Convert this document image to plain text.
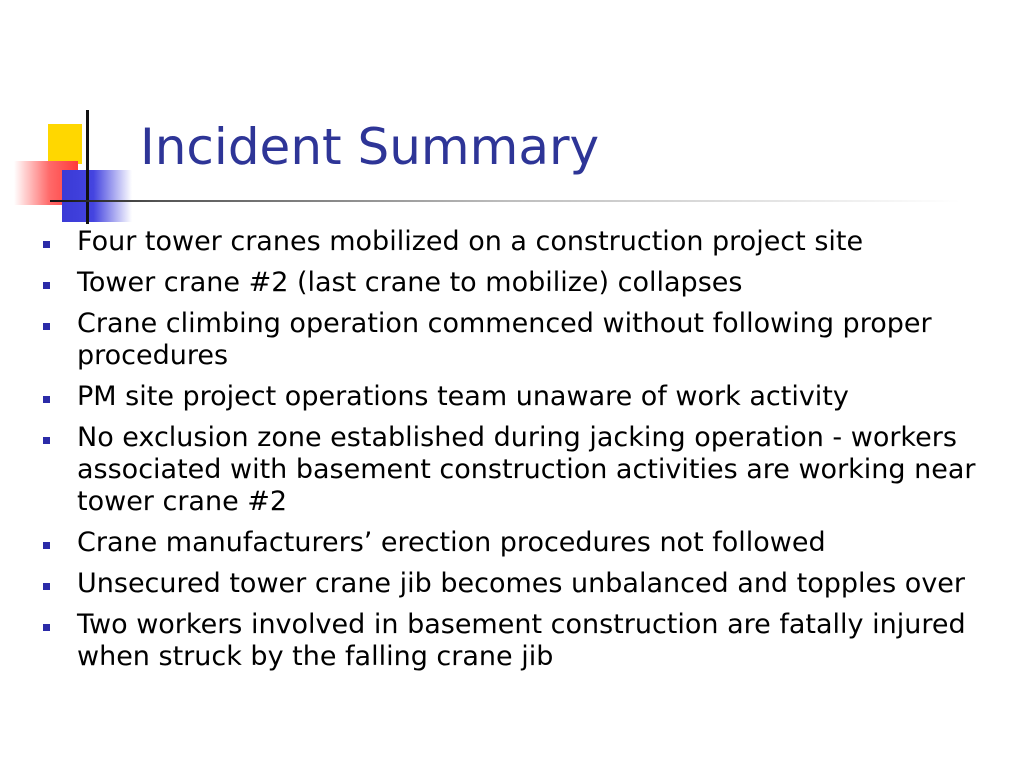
Incident Summary
Four tower cranes mobilized on a construction project site
Tower crane #2 (last crane to mobilize) collapses
Crane climbing operation commenced without following proper procedures
PM site project operations team unaware of work activity
No exclusion zone established during jacking operation - workers associated with basement construction activities are working near tower crane #2
Crane manufacturers’ erection procedures not followed
Unsecured tower crane jib becomes unbalanced and topples over
Two workers involved in basement construction are fatally injured when struck by the falling crane jib
